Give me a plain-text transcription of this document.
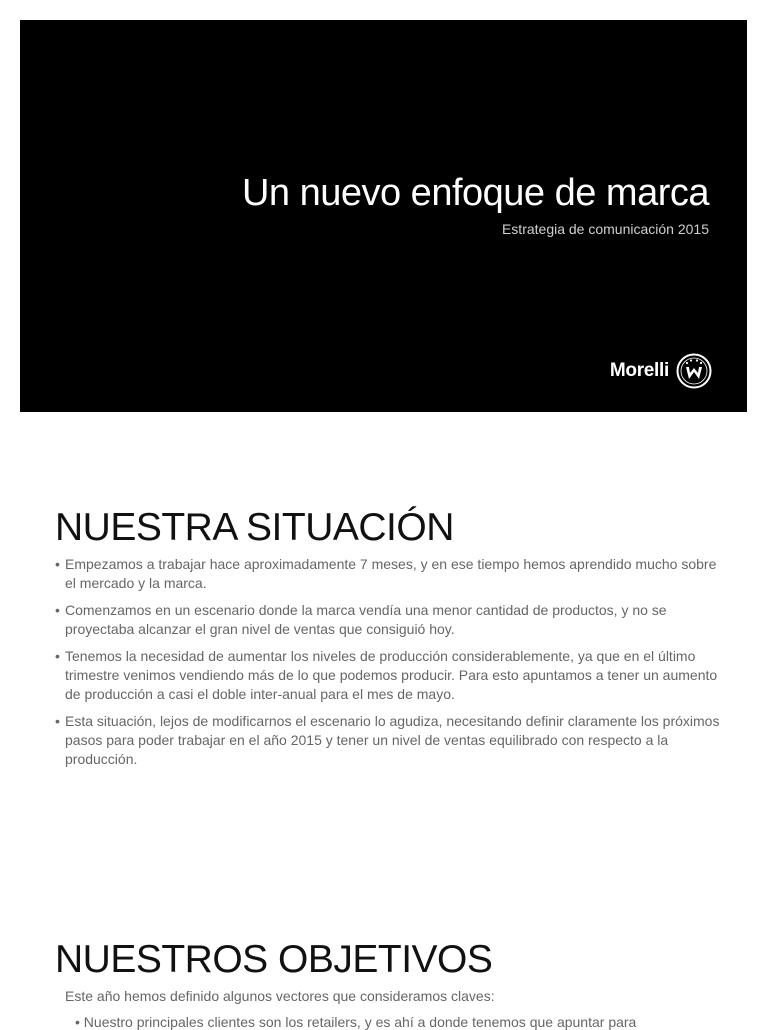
Un nuevo enfoque de marca
Estrategia de comunicación 2015
Morelli
NUESTRA SITUACIÓN
• Empezamos a trabajar hace aproximadamente 7 meses, y en ese tiempo hemos aprendido mucho sobre el mercado y la marca.
• Comenzamos en un escenario donde la marca vendía una menor cantidad de productos, y no se proyectaba alcanzar el gran nivel de ventas que consiguió hoy.
• Tenemos la necesidad de aumentar los niveles de producción considerablemente, ya que en el último trimestre venimos vendiendo más de lo que podemos producir. Para esto apuntamos a tener un aumento de producción a casi el doble inter-anual para el mes de mayo.
• Esta situación, lejos de modificarnos el escenario lo agudiza, necesitando definir claramente los próximos pasos para poder trabajar en el año 2015 y tener un nivel de ventas equilibrado con respecto a la producción.
NUESTROS OBJETIVOS
Este año hemos definido algunos vectores que consideramos claves:
• Nuestro principales clientes son los retailers, y es ahí a donde tenemos que apuntar para
